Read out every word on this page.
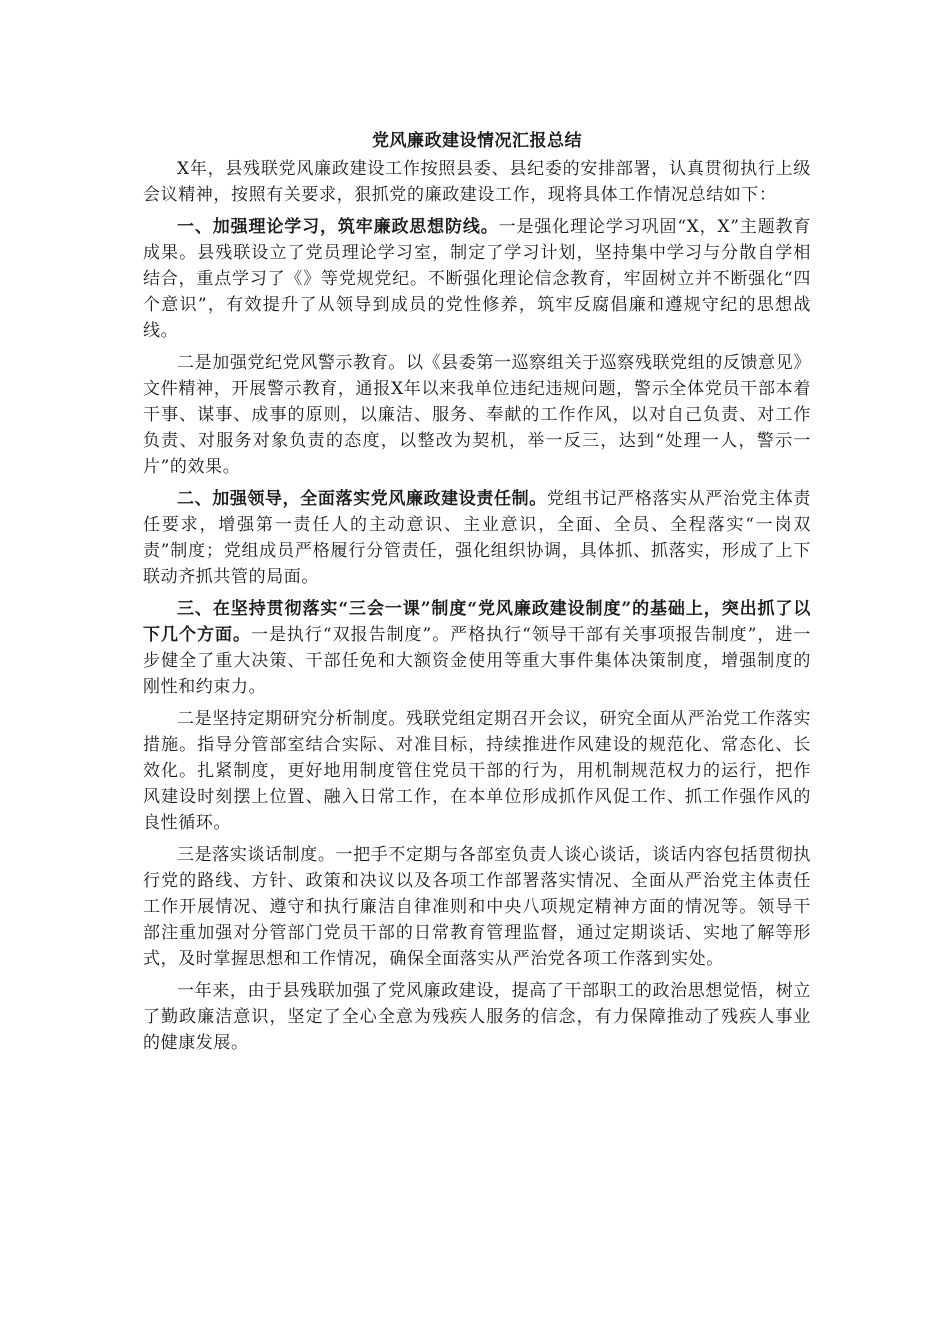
党风廉政建设情况汇报总结

X年，县残联党风廉政建设工作按照县委、县纪委的安排部署，认真贯彻执行上级会议精神，按照有关要求，狠抓党的廉政建设工作，现将具体工作情况总结如下：

一、加强理论学习，筑牢廉政思想防线。一是强化理论学习巩固“X，X”主题教育成果。县残联设立了党员理论学习室，制定了学习计划，坚持集中学习与分散自学相结合，重点学习了《》等党规党纪。不断强化理论信念教育，牢固树立并不断强化“四个意识”，有效提升了从领导到成员的党性修养，筑牢反腐倡廉和遵规守纪的思想战线。

二是加强党纪党风警示教育。以《县委第一巡察组关于巡察残联党组的反馈意见》文件精神，开展警示教育，通报X年以来我单位违纪违规问题，警示全体党员干部本着干事、谋事、成事的原则，以廉洁、服务、奉献的工作作风，以对自己负责、对工作负责、对服务对象负责的态度，以整改为契机，举一反三，达到“处理一人，警示一片”的效果。

二、加强领导，全面落实党风廉政建设责任制。党组书记严格落实从严治党主体责任要求，增强第一责任人的主动意识、主业意识，全面、全员、全程落实“一岗双责”制度；党组成员严格履行分管责任，强化组织协调，具体抓、抓落实，形成了上下联动齐抓共管的局面。

三、在坚持贯彻落实“三会一课”制度“党风廉政建设制度”的基础上，突出抓了以下几个方面。一是执行“双报告制度”。严格执行“领导干部有关事项报告制度”，进一步健全了重大决策、干部任免和大额资金使用等重大事件集体决策制度，增强制度的刚性和约束力。

二是坚持定期研究分析制度。残联党组定期召开会议，研究全面从严治党工作落实措施。指导分管部室结合实际、对准目标，持续推进作风建设的规范化、常态化、长效化。扎紧制度，更好地用制度管住党员干部的行为，用机制规范权力的运行，把作风建设时刻摆上位置、融入日常工作，在本单位形成抓作风促工作、抓工作强作风的良性循环。

三是落实谈话制度。一把手不定期与各部室负责人谈心谈话，谈话内容包括贯彻执行党的路线、方针、政策和决议以及各项工作部署落实情况、全面从严治党主体责任工作开展情况、遵守和执行廉洁自律准则和中央八项规定精神方面的情况等。领导干部注重加强对分管部门党员干部的日常教育管理监督，通过定期谈话、实地了解等形式，及时掌握思想和工作情况，确保全面落实从严治党各项工作落到实处。

一年来，由于县残联加强了党风廉政建设，提高了干部职工的政治思想觉悟，树立了勤政廉洁意识，坚定了全心全意为残疾人服务的信念，有力保障推动了残疾人事业的健康发展。
